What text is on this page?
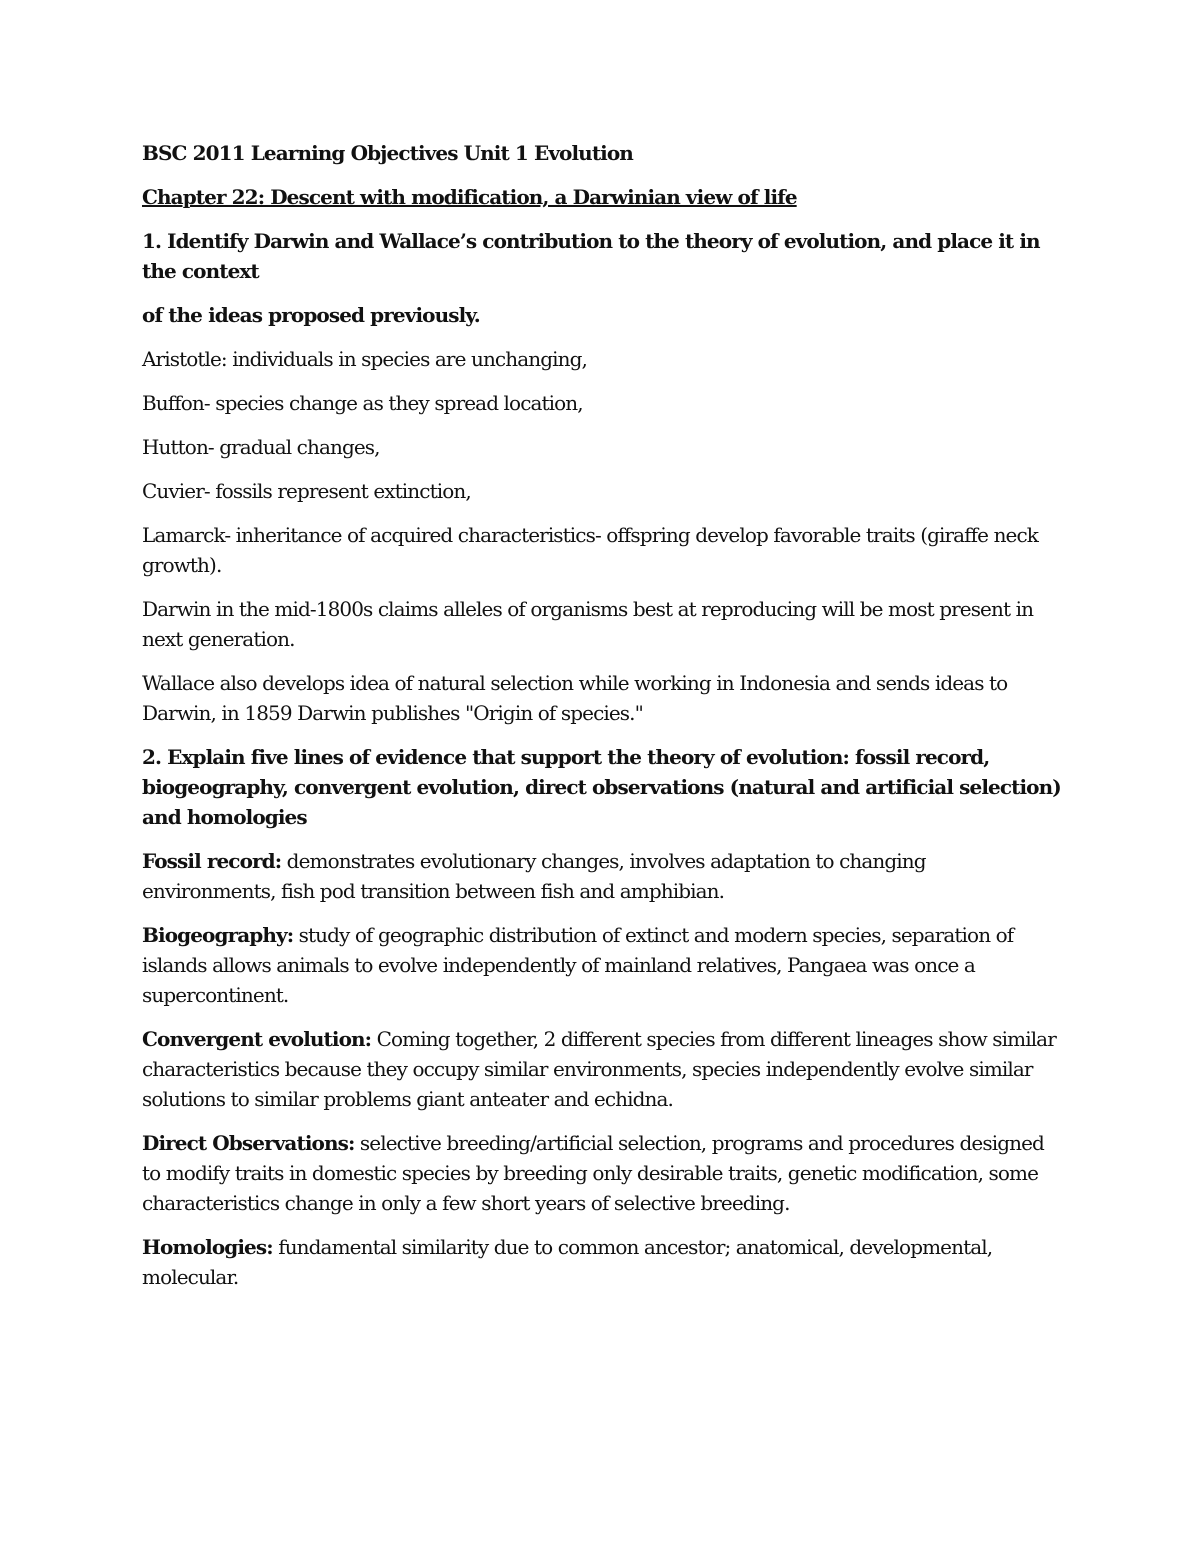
BSC 2011 Learning Objectives Unit 1 Evolution

Chapter 22: Descent with modification, a Darwinian view of life

1. Identify Darwin and Wallace’s contribution to the theory of evolution, and place it in the context

of the ideas proposed previously.

Aristotle: individuals in species are unchanging,

Buffon- species change as they spread location,

Hutton- gradual changes,

Cuvier- fossils represent extinction,

Lamarck- inheritance of acquired characteristics- offspring develop favorable traits (giraffe neck growth).

Darwin in the mid-1800s claims alleles of organisms best at reproducing will be most present in next generation.

Wallace also develops idea of natural selection while working in Indonesia and sends ideas to Darwin, in 1859 Darwin publishes "Origin of species."

2. Explain five lines of evidence that support the theory of evolution: fossil record, biogeography, convergent evolution, direct observations (natural and artificial selection) and homologies

Fossil record: demonstrates evolutionary changes, involves adaptation to changing environments, fish pod transition between fish and amphibian.

Biogeography: study of geographic distribution of extinct and modern species, separation of islands allows animals to evolve independently of mainland relatives, Pangaea was once a supercontinent.

Convergent evolution: Coming together, 2 different species from different lineages show similar characteristics because they occupy similar environments, species independently evolve similar solutions to similar problems giant anteater and echidna.

Direct Observations: selective breeding/artificial selection, programs and procedures designed to modify traits in domestic species by breeding only desirable traits, genetic modification, some characteristics change in only a few short years of selective breeding.

Homologies: fundamental similarity due to common ancestor; anatomical, developmental, molecular.
